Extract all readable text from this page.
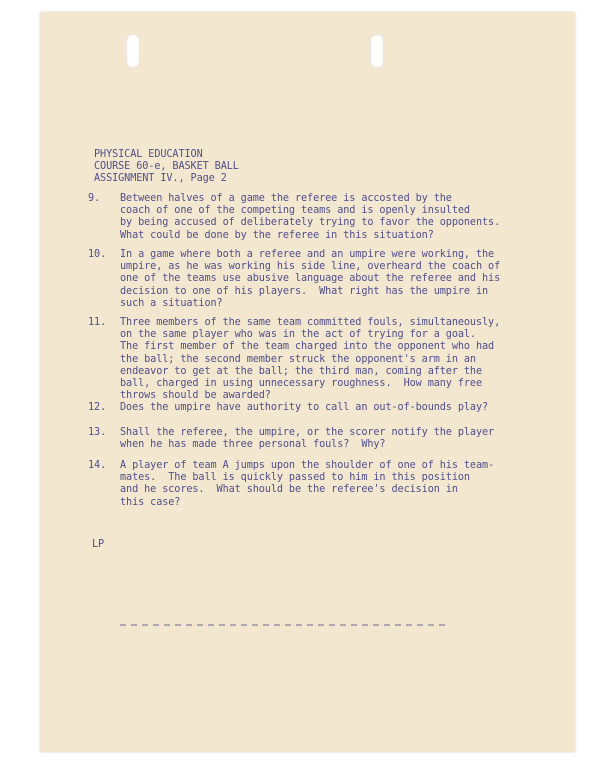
PHYSICAL EDUCATION
COURSE 60-e, BASKET BALL
ASSIGNMENT IV., Page 2
9.	Between halves of a game the referee is accosted by the
coach of one of the competing teams and is openly insulted
by being accused of deliberately trying to favor the opponents.
What could be done by the referee in this situation?
10.	In a game where both a referee and an umpire were working, the
umpire, as he was working his side line, overheard the coach of
one of the teams use abusive language about the referee and his
decision to one of his players.  What right has the umpire in
such a situation?
11.	Three members of the same team committed fouls, simultaneously,
on the same player who was in the act of trying for a goal.
The first member of the team charged into the opponent who had
the ball; the second member struck the opponent's arm in an
endeavor to get at the ball; the third man, coming after the
ball, charged in using unnecessary roughness.  How many free
throws should be awarded?
12.	Does the umpire have authority to call an out-of-bounds play?
13.	Shall the referee, the umpire, or the scorer notify the player
when he has made three personal fouls?  Why?
14.	A player of team A jumps upon the shoulder of one of his team-
mates.  The ball is quickly passed to him in this position
and he scores.  What should be the referee's decision in
this case?
LP
